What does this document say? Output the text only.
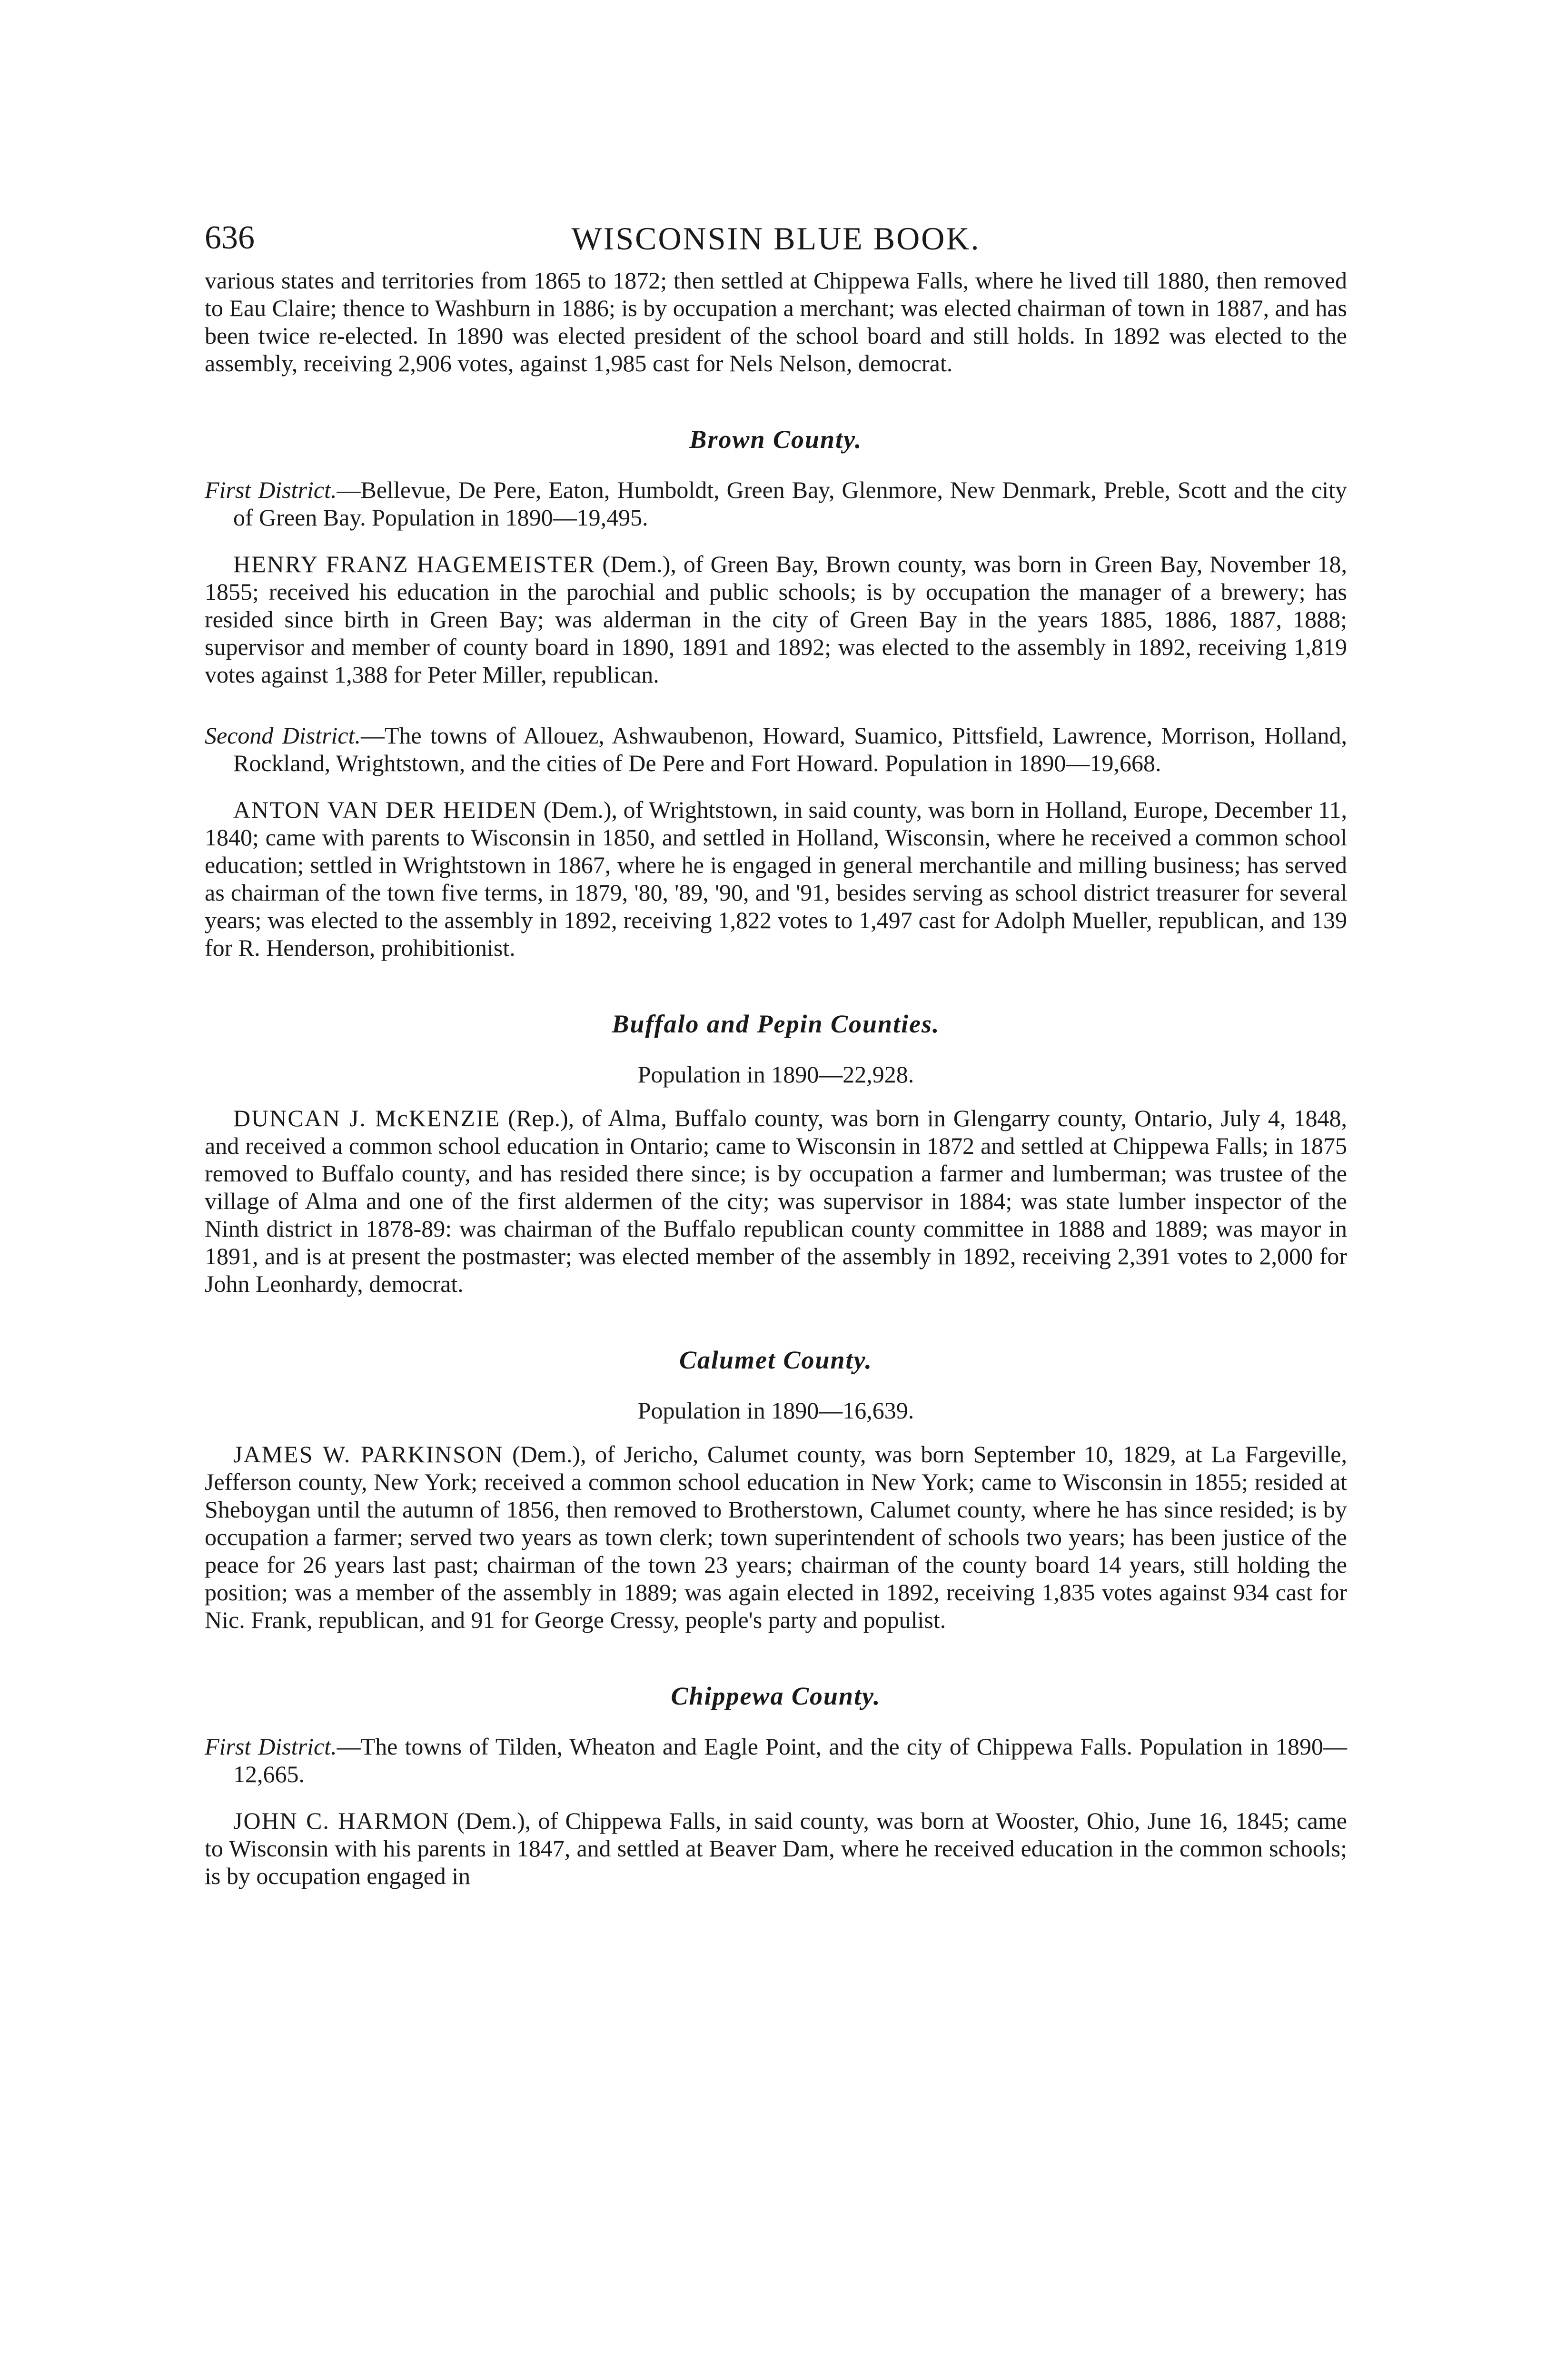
636	WISCONSIN BLUE BOOK.

various states and territories from 1865 to 1872; then settled at Chippewa Falls, where he lived till 1880, then removed to Eau Claire; thence to Washburn in 1886; is by occupation a merchant; was elected chairman of town in 1887, and has been twice re-elected. In 1890 was elected president of the school board and still holds. In 1892 was elected to the assembly, receiving 2,906 votes, against 1,985 cast for Nels Nelson, democrat.

Brown County.

First District.—Bellevue, De Pere, Eaton, Humboldt, Green Bay, Glenmore, New Denmark, Preble, Scott and the city of Green Bay. Population in 1890—19,495.

HENRY FRANZ HAGEMEISTER (Dem.), of Green Bay, Brown county, was born in Green Bay, November 18, 1855; received his education in the parochial and public schools; is by occupation the manager of a brewery; has resided since birth in Green Bay; was alderman in the city of Green Bay in the years 1885, 1886, 1887, 1888; supervisor and member of county board in 1890, 1891 and 1892; was elected to the assembly in 1892, receiving 1,819 votes against 1,388 for Peter Miller, republican.

Second District.—The towns of Allouez, Ashwaubenon, Howard, Suamico, Pittsfield, Lawrence, Morrison, Holland, Rockland, Wrightstown, and the cities of De Pere and Fort Howard. Population in 1890—19,668.

ANTON VAN DER HEIDEN (Dem.), of Wrightstown, in said county, was born in Holland, Europe, December 11, 1840; came with parents to Wisconsin in 1850, and settled in Holland, Wisconsin, where he received a common school education; settled in Wrightstown in 1867, where he is engaged in general merchantile and milling business; has served as chairman of the town five terms, in 1879, '80, '89, '90, and '91, besides serving as school district treasurer for several years; was elected to the assembly in 1892, receiving 1,822 votes to 1,497 cast for Adolph Mueller, republican, and 139 for R. Henderson, prohibitionist.

Buffalo and Pepin Counties.
Population in 1890—22,928.

DUNCAN J. McKENZIE (Rep.), of Alma, Buffalo county, was born in Glengarry county, Ontario, July 4, 1848, and received a common school education in Ontario; came to Wisconsin in 1872 and settled at Chippewa Falls; in 1875 removed to Buffalo county, and has resided there since; is by occupation a farmer and lumberman; was trustee of the village of Alma and one of the first aldermen of the city; was supervisor in 1884; was state lumber inspector of the Ninth district in 1878-89: was chairman of the Buffalo republican county committee in 1888 and 1889; was mayor in 1891, and is at present the postmaster; was elected member of the assembly in 1892, receiving 2,391 votes to 2,000 for John Leonhardy, democrat.

Calumet County.
Population in 1890—16,639.

JAMES W. PARKINSON (Dem.), of Jericho, Calumet county, was born September 10, 1829, at La Fargeville, Jefferson county, New York; received a common school education in New York; came to Wisconsin in 1855; resided at Sheboygan until the autumn of 1856, then removed to Brotherstown, Calumet county, where he has since resided; is by occupation a farmer; served two years as town clerk; town superintendent of schools two years; has been justice of the peace for 26 years last past; chairman of the town 23 years; chairman of the county board 14 years, still holding the position; was a member of the assembly in 1889; was again elected in 1892, receiving 1,835 votes against 934 cast for Nic. Frank, republican, and 91 for George Cressy, people's party and populist.

Chippewa County.

First District.—The towns of Tilden, Wheaton and Eagle Point, and the city of Chippewa Falls. Population in 1890—12,665.

JOHN C. HARMON (Dem.), of Chippewa Falls, in said county, was born at Wooster, Ohio, June 16, 1845; came to Wisconsin with his parents in 1847, and settled at Beaver Dam, where he received education in the common schools; is by occupation engaged in
